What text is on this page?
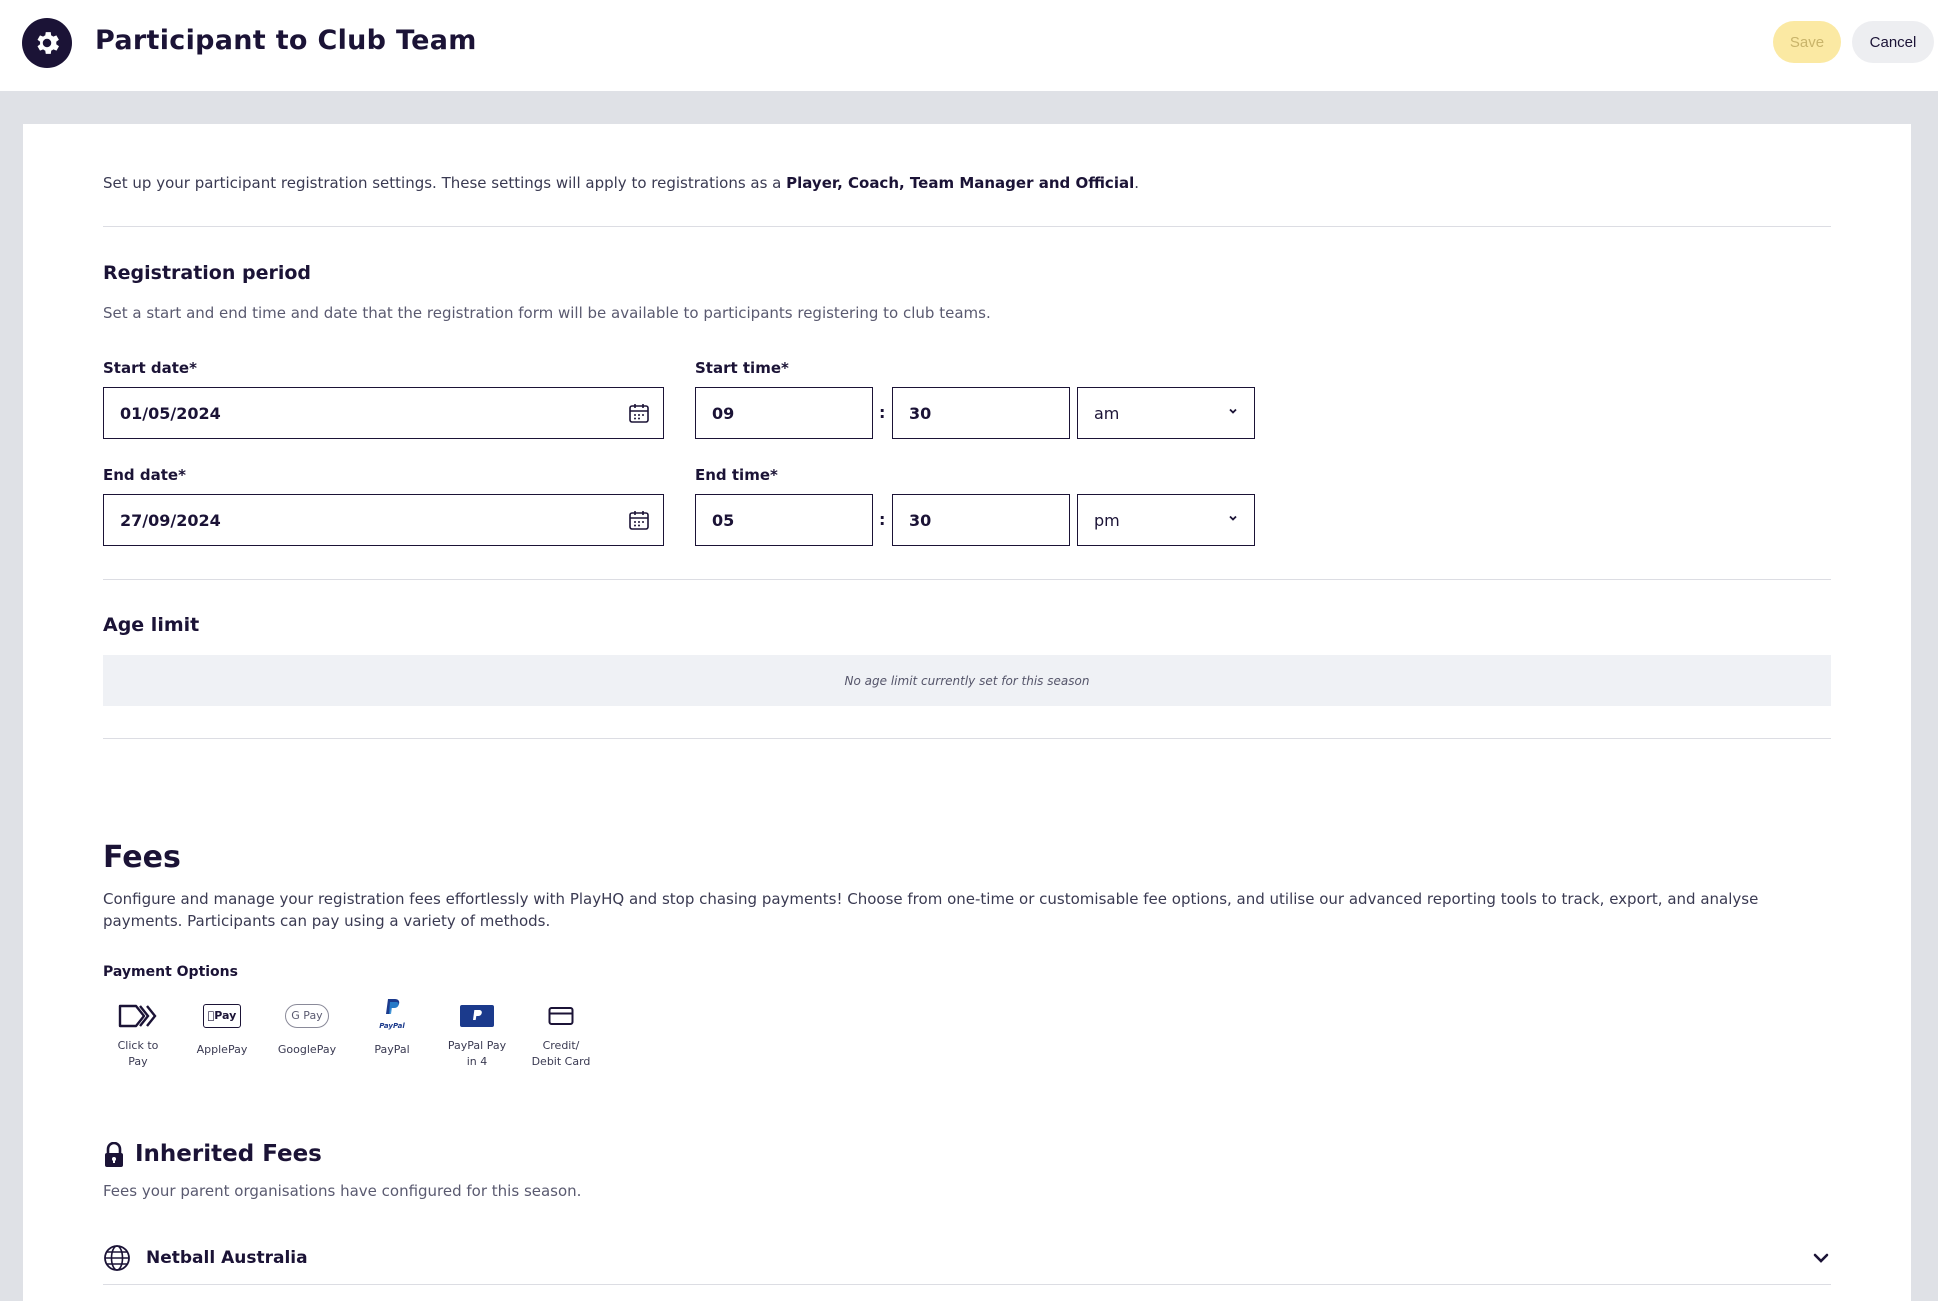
Participant to Club Team	Save	Cancel
Set up your participant registration settings. These settings will apply to registrations as a Player, Coach, Team Manager and Official.
Registration period
Set a start and end time and date that the registration form will be available to participants registering to club teams.
Start date*
01/05/2024
Start time*
09	: 30	am
End date*
27/09/2024
End time*
05	: 30	pm
Age limit
No age limit currently set for this season
Fees
Configure and manage your registration fees effortlessly with PlayHQ and stop chasing payments! Choose from one-time or customisable fee options, and utilise our advanced reporting tools to track, export, and analyse payments. Participants can pay using a variety of methods.
Payment Options
Click to
Pay
Pay
ApplePay
G Pay
GooglePay
PayPal
PayPal	PayPal Pay
in 4
Credit/
Debit Card
Inherited Fees
Fees your parent organisations have configured for this season.
Netball Australia
